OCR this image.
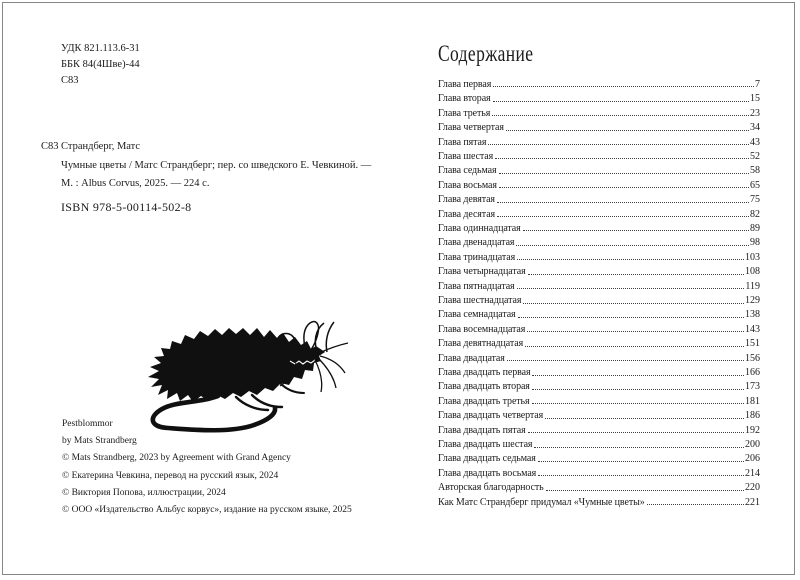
УДК 821.113.6-31
ББК 84(4Шве)-44
С83
С83 Страндберг, Матс
Чумные цветы / Матс Страндберг; пер. со шведского Е. Чевкиной. —
М. : Albus Corvus, 2025. — 224 с.
ISBN 978-5-00114-502-8
Pestblommor
by Mats Strandberg
© Mats Strandberg, 2023 by Agreement with Grand Agency
© Екатерина Чевкина, перевод на русский язык, 2024
© Виктория Попова, иллюстрации, 2024
© ООО «Издательство Альбус корвус», издание на русском языке, 2025
Содержание
Глава первая	7
Глава вторая	15
Глава третья	23
Глава четвертая	34
Глава пятая	43
Глава шестая	52
Глава седьмая	58
Глава восьмая	65
Глава девятая	75
Глава десятая	82
Глава одиннадцатая	89
Глава двенадцатая	98
Глава тринадцатая	103
Глава четырнадцатая	108
Глава пятнадцатая	119
Глава шестнадцатая	129
Глава семнадцатая	138
Глава восемнадцатая	143
Глава девятнадцатая	151
Глава двадцатая	156
Глава двадцать первая	166
Глава двадцать вторая	173
Глава двадцать третья	181
Глава двадцать четвертая	186
Глава двадцать пятая	192
Глава двадцать шестая	200
Глава двадцать седьмая	206
Глава двадцать восьмая	214
Авторская благодарность	220
Как Матс Страндберг придумал «Чумные цветы»	221
